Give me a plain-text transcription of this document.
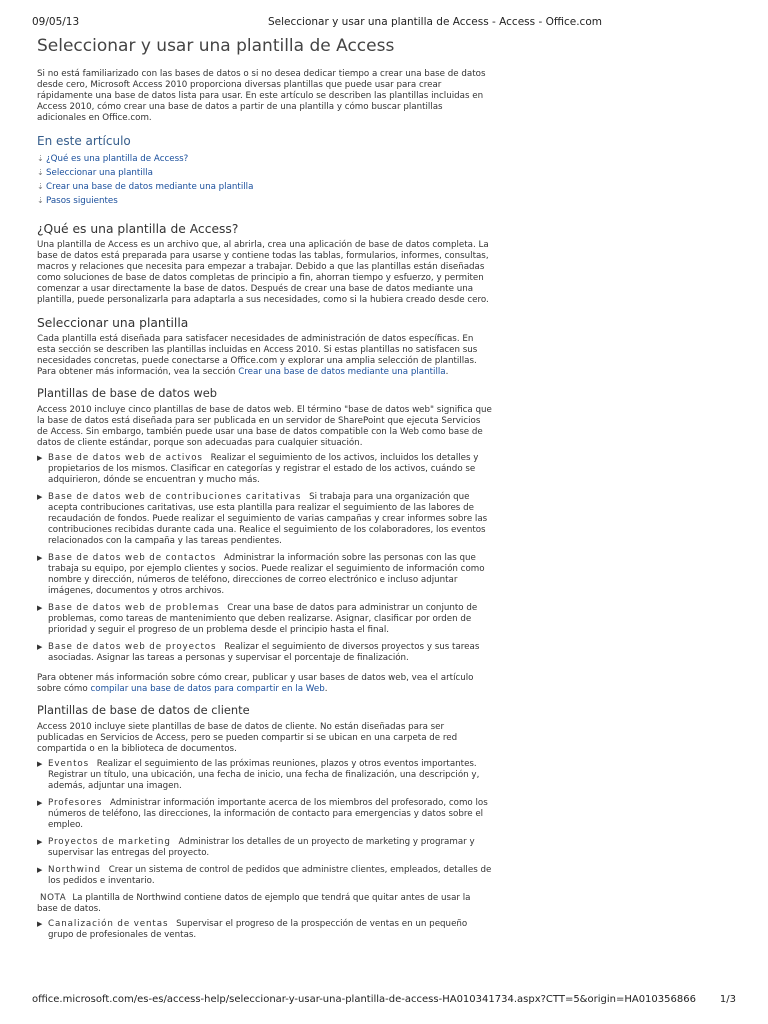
09/05/13	Seleccionar y usar una plantilla de Access - Access - Office.com
Seleccionar y usar una plantilla de Access

Si no está familiarizado con las bases de datos o si no desea dedicar tiempo a crear una base de datos desde cero, Microsoft Access 2010 proporciona diversas plantillas que puede usar para crear rápidamente una base de datos lista para usar. En este artículo se describen las plantillas incluidas en Access 2010, cómo crear una base de datos a partir de una plantilla y cómo buscar plantillas adicionales en Office.com.

En este artículo
⇣ ¿Qué es una plantilla de Access?
⇣ Seleccionar una plantilla
⇣ Crear una base de datos mediante una plantilla
⇣ Pasos siguientes
¿Qué es una plantilla de Access?

Una plantilla de Access es un archivo que, al abrirla, crea una aplicación de base de datos completa. La base de datos está preparada para usarse y contiene todas las tablas, formularios, informes, consultas, macros y relaciones que necesita para empezar a trabajar. Debido a que las plantillas están diseñadas como soluciones de base de datos completas de principio a fin, ahorran tiempo y esfuerzo, y permiten comenzar a usar directamente la base de datos. Después de crear una base de datos mediante una plantilla, puede personalizarla para adaptarla a sus necesidades, como si la hubiera creado desde cero.

Seleccionar una plantilla

Cada plantilla está diseñada para satisfacer necesidades de administración de datos específicas. En esta sección se describen las plantillas incluidas en Access 2010. Si estas plantillas no satisfacen sus necesidades concretas, puede conectarse a Office.com y explorar una amplia selección de plantillas. Para obtener más información, vea la sección Crear una base de datos mediante una plantilla.

Plantillas de base de datos web

Access 2010 incluye cinco plantillas de base de datos web. El término "base de datos web" significa que la base de datos está diseñada para ser publicada en un servidor de SharePoint que ejecuta Servicios de Access. Sin embargo, también puede usar una base de datos compatible con la Web como base de datos de cliente estándar, porque son adecuadas para cualquier situación.

▶ Base de datos web de activos Realizar el seguimiento de los activos, incluidos los detalles y propietarios de los mismos. Clasificar en categorías y registrar el estado de los activos, cuándo se adquirieron, dónde se encuentran y mucho más.
▶ Base de datos web de contribuciones caritativas Si trabaja para una organización que acepta contribuciones caritativas, use esta plantilla para realizar el seguimiento de las labores de recaudación de fondos. Puede realizar el seguimiento de varias campañas y crear informes sobre las contribuciones recibidas durante cada una. Realice el seguimiento de los colaboradores, los eventos relacionados con la campaña y las tareas pendientes.
▶ Base de datos web de contactos Administrar la información sobre las personas con las que trabaja su equipo, por ejemplo clientes y socios. Puede realizar el seguimiento de información como nombre y dirección, números de teléfono, direcciones de correo electrónico e incluso adjuntar imágenes, documentos y otros archivos.
▶ Base de datos web de problemas Crear una base de datos para administrar un conjunto de problemas, como tareas de mantenimiento que deben realizarse. Asignar, clasificar por orden de prioridad y seguir el progreso de un problema desde el principio hasta el final.
▶ Base de datos web de proyectos Realizar el seguimiento de diversos proyectos y sus tareas asociadas. Asignar las tareas a personas y supervisar el porcentaje de finalización.

Para obtener más información sobre cómo crear, publicar y usar bases de datos web, vea el artículo sobre cómo compilar una base de datos para compartir en la Web.

Plantillas de base de datos de cliente

Access 2010 incluye siete plantillas de base de datos de cliente. No están diseñadas para ser publicadas en Servicios de Access, pero se pueden compartir si se ubican en una carpeta de red compartida o en la biblioteca de documentos.

▶ Eventos Realizar el seguimiento de las próximas reuniones, plazos y otros eventos importantes. Registrar un título, una ubicación, una fecha de inicio, una fecha de finalización, una descripción y, además, adjuntar una imagen.
▶ Profesores Administrar información importante acerca de los miembros del profesorado, como los números de teléfono, las direcciones, la información de contacto para emergencias y datos sobre el empleo.
▶ Proyectos de marketing Administrar los detalles de un proyecto de marketing y programar y supervisar las entregas del proyecto.
▶ Northwind Crear un sistema de control de pedidos que administre clientes, empleados, detalles de los pedidos e inventario.

NOTA La plantilla de Northwind contiene datos de ejemplo que tendrá que quitar antes de usar la base de datos.

▶ Canalización de ventas Supervisar el progreso de la prospección de ventas en un pequeño grupo de profesionales de ventas.
office.microsoft.com/es-es/access-help/seleccionar-y-usar-una-plantilla-de-access-HA010341734.aspx?CTT=5&origin=HA010356866 1/3
